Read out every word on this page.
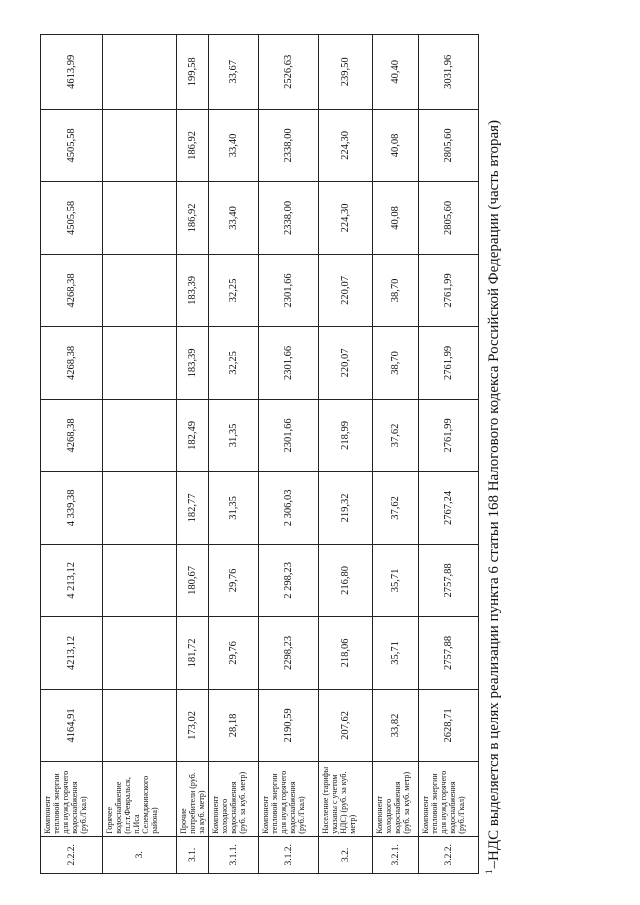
2.2.2.	Компонент тепловой энергии для нужд горячего водоснабжения (руб./Гкал)	4164,91	4213,12	4 213,12	4 339,38	4268,38	4268,38	4268,38	4505,58	4505,58	4613,99
3.	Горячее водоснабжение (п.г.т.Февральск, п.Иса Селемджинского района)										
3.1.	Прочие потребители (руб. за куб. метр)	173,02	181,72	180,67	182,77	182,49	183,39	183,39	186,92	186,92	199,58
3.1.1.	Компонент холодного водоснабжения (руб. за куб. метр)	28,18	29,76	29,76	31,35	31,35	32,25	32,25	33,40	33,40	33,67
3.1.2.	Компонент тепловой энергии для нужд горячего водоснабжения (руб./Гкал)	2190,59	2298,23	2 298,23	2 306,03	2301,66	2301,66	2301,66	2338,00	2338,00	2526,63
3.2.	Население (тарифы указаны с учетом НДС) (руб. за куб. метр)	207,62	218,06	216,80	219,32	218,99	220,07	220,07	224,30	224,30	239,50
3.2.1.	Компонент холодного водоснабжения (руб. за куб. метр)	33,82	35,71	35,71	37,62	37,62	38,70	38,70	40,08	40,08	40,40
3.2.2.	Компонент тепловой энергии для нужд горячего водоснабжения (руб./Гкал)	2628,71	2757,88	2757,88	2767,24	2761,99	2761,99	2761,99	2805,60	2805,60	3031,96
$^1$–НДС выделяется в целях реализации пункта 6 статьи 168 Налогового кодекса Российской Федерации (часть вторая)
